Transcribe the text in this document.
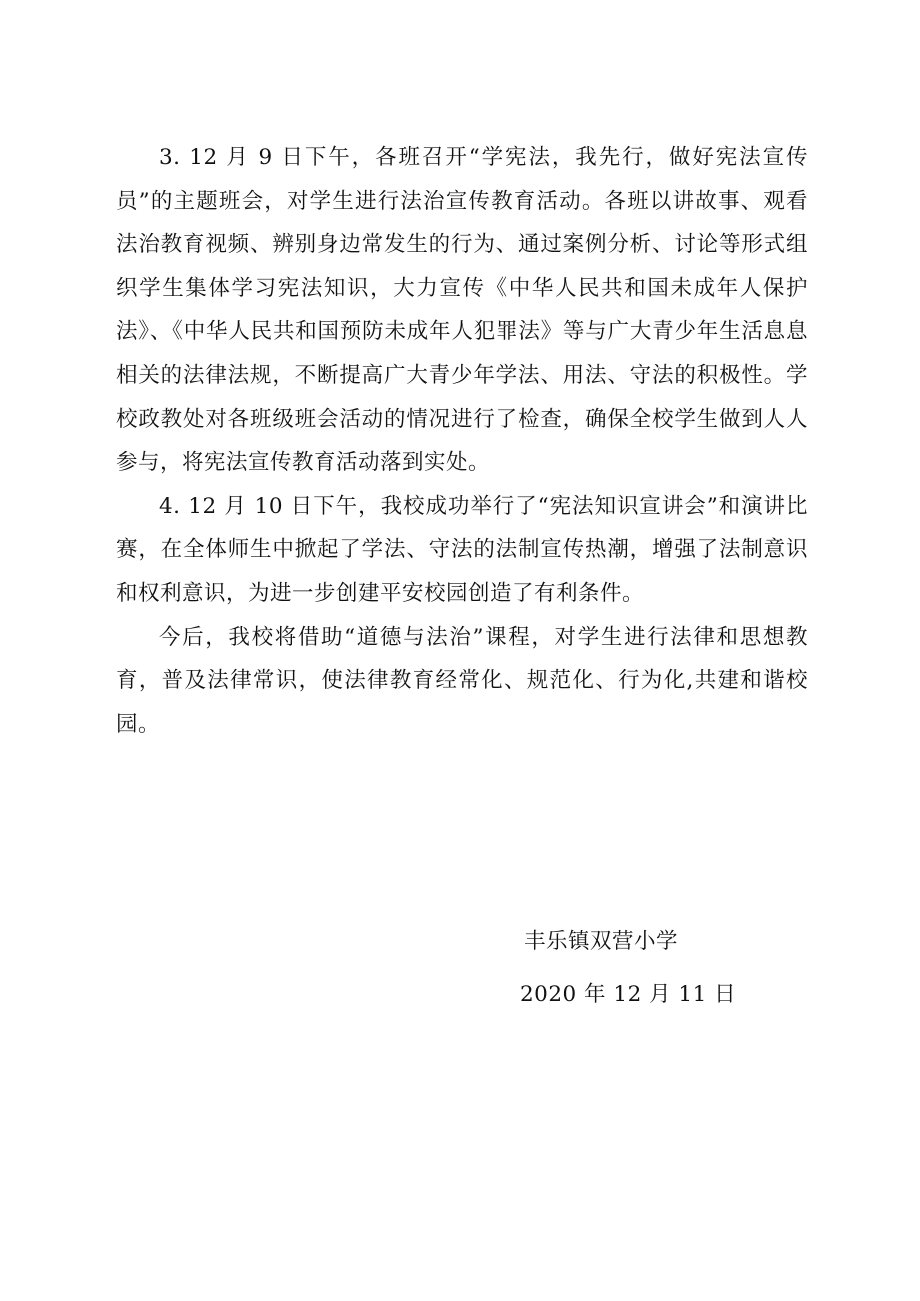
3. 12 月 9 日下午，各班召开“学宪法，我先行，做好宪法宣传员”的主题班会，对学生进行法治宣传教育活动。各班以讲故事、观看法治教育视频、辨别身边常发生的行为、通过案例分析、讨论等形式组织学生集体学习宪法知识，大力宣传《中华人民共和国未成年人保护法》、《中华人民共和国预防未成年人犯罪法》等与广大青少年生活息息相关的法律法规，不断提高广大青少年学法、用法、守法的积极性。学校政教处对各班级班会活动的情况进行了检查，确保全校学生做到人人参与，将宪法宣传教育活动落到实处。

4. 12 月 10 日下午，我校成功举行了“宪法知识宣讲会”和演讲比赛，在全体师生中掀起了学法、守法的法制宣传热潮，增强了法制意识和权利意识，为进一步创建平安校园创造了有利条件。

今后，我校将借助“道德与法治”课程，对学生进行法律和思想教育，普及法律常识，使法律教育经常化、规范化、行为化,共建和谐校园。

丰乐镇双营小学
2020 年 12 月 11 日
